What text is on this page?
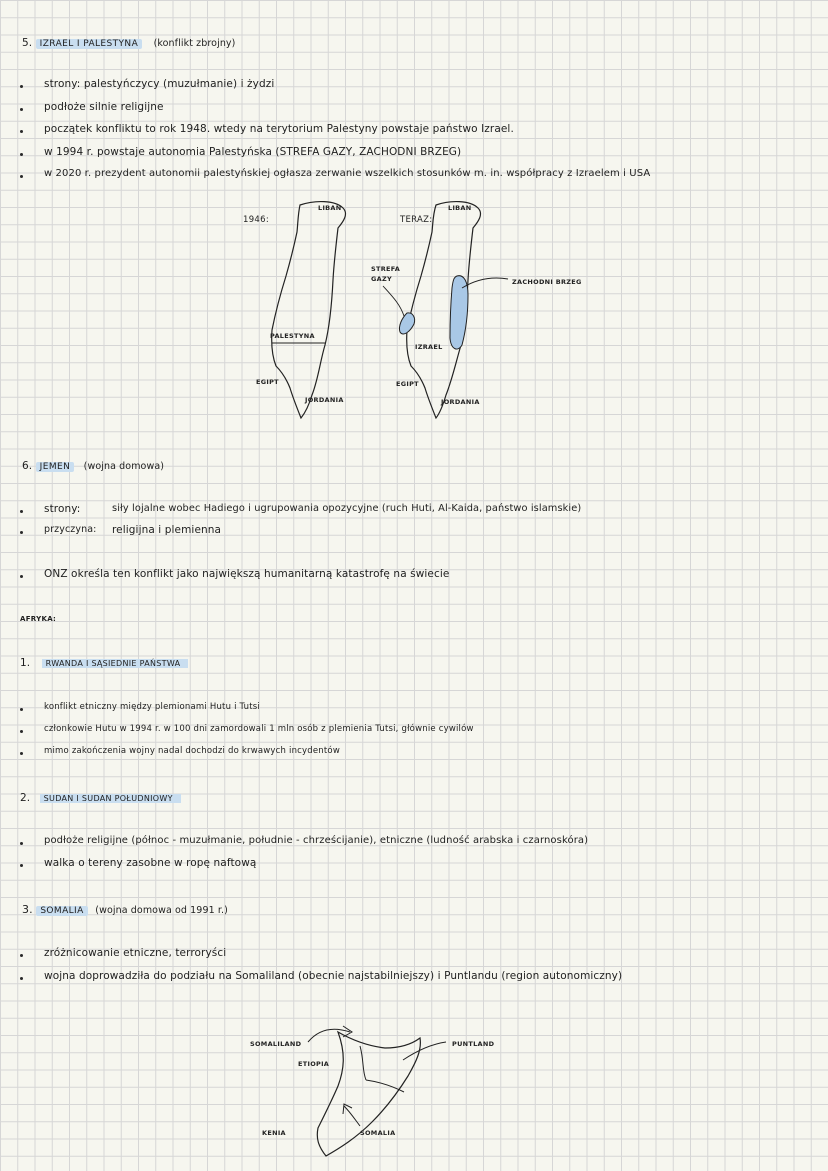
5. IZRAEL I PALESTYNA (konflikt zbrojny)
strony: palestyńczycy (muzułmanie) i żydzi
podłoże silnie religijne
początek konfliktu to rok 1948. wtedy na terytorium Palestyny powstaje państwo Izrael.
w 1994 r. powstaje autonomia Palestyńska (STREFA GAZY, ZACHODNI BRZEG)
w 2020 r. prezydent autonomii palestyńskiej ogłasza zerwanie wszelkich stosunków m. in. współpracy z Izraelem i USA
LIBAN
1946:
PALESTYNA
EGIPT
JORDANIA
LIBAN
TERAZ:
STREFA
GAZY	ZACHODNI BRZEG
IZRAEL
EGIPT
JORDANIA
6. JEMEN (wojna domowa)
strony:	siły lojalne wobec Hadiego i ugrupowania opozycyjne (ruch Huti, Al-Kaida, państwo islamskie)
przyczyna: religijna i plemienna
ONZ określa ten konflikt jako największą humanitarną katastrofę na świecie
AFRYKA:
1. RWANDA I SĄSIEDNIE PAŃSTWA
konflikt etniczny między plemionami Hutu i Tutsi
członkowie Hutu w 1994 r. w 100 dni zamordowali 1 mln osób z plemienia Tutsi, głównie cywilów
mimo zakończenia wojny nadal dochodzi do krwawych incydentów
2. SUDAN I SUDAN POŁUDNIOWY
podłoże religijne (północ - muzułmanie, południe - chrześcijanie), etniczne (ludność arabska i czarnoskóra)
walka o tereny zasobne w ropę naftową
3. SOMALIA (wojna domowa od 1991 r.)
zróżnicowanie etniczne, terroryści
wojna doprowadziła do podziału na Somaliland (obecnie najstabilniejszy) i Puntlandu (region autonomiczny)
SOMALILAND	PUNTLAND
ETIOPIA
KENIA	SOMALIA
